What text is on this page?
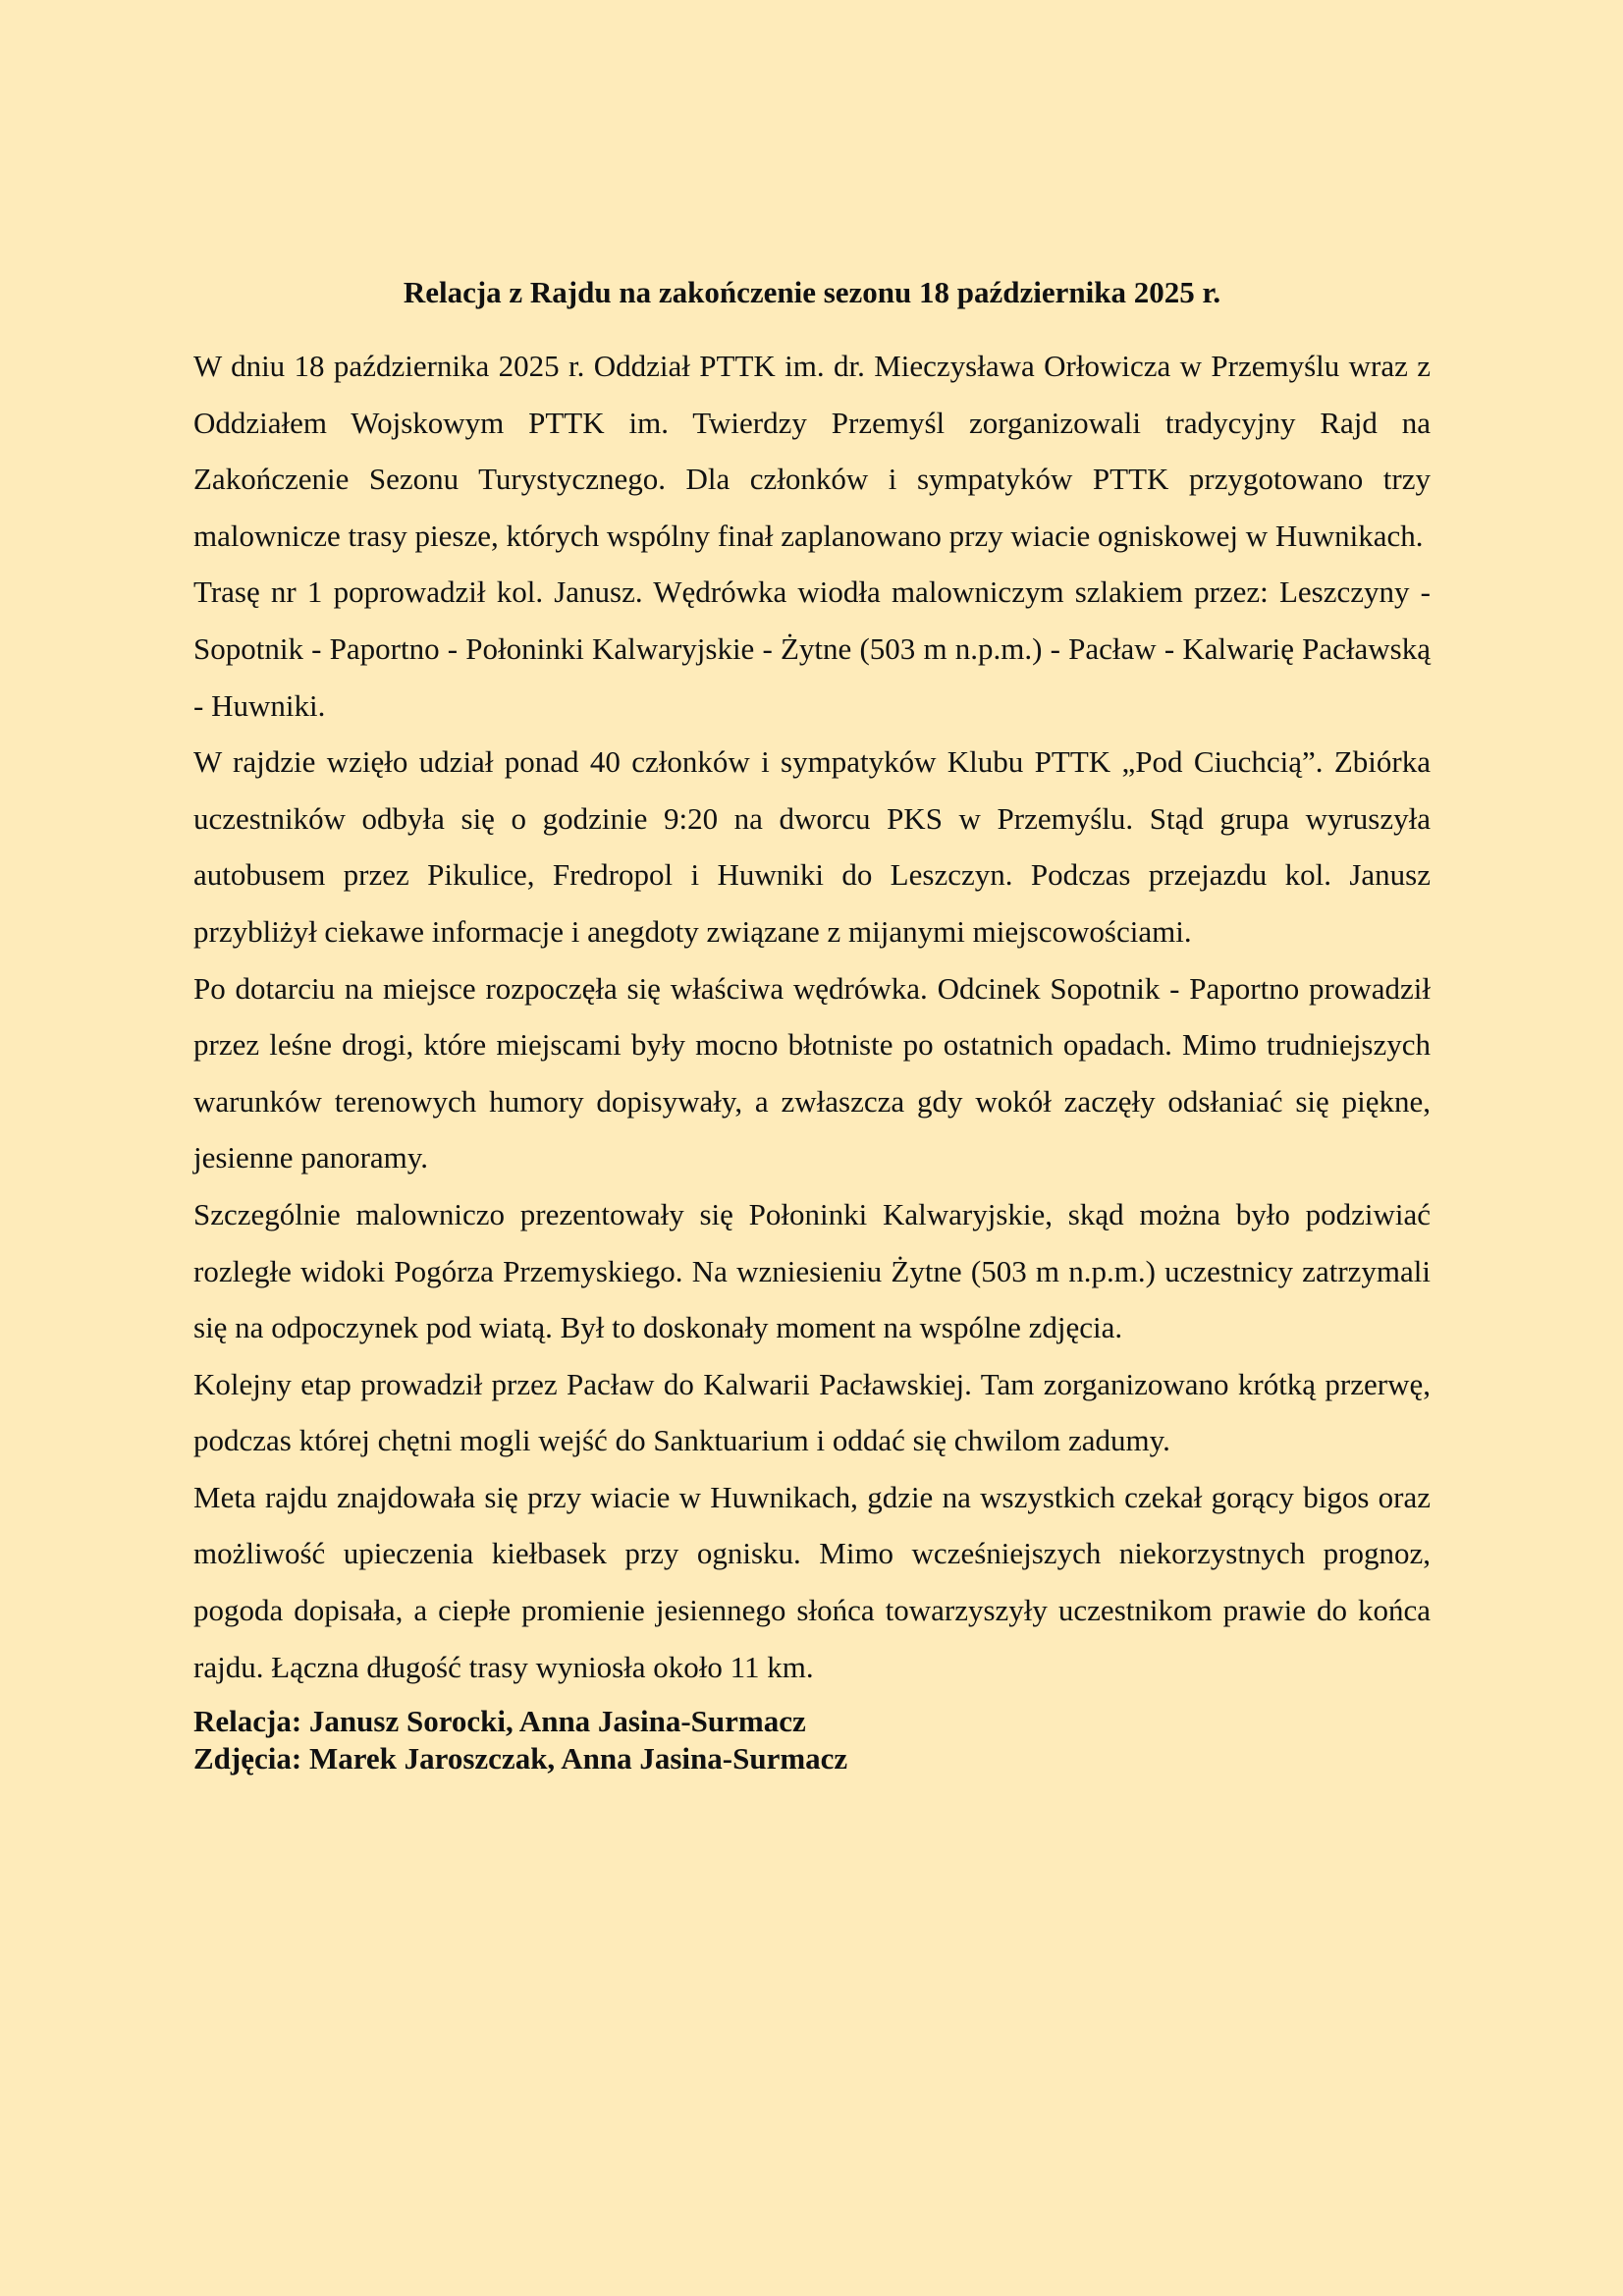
Relacja z Rajdu na zakończenie sezonu 18 października 2025 r.

W dniu 18 października 2025 r. Oddział PTTK im. dr. Mieczysława Orłowicza w Przemyślu wraz z Oddziałem Wojskowym PTTK im. Twierdzy Przemyśl zorganizowali tradycyjny Rajd na Zakończenie Sezonu Turystycznego. Dla członków i sympatyków PTTK przygotowano trzy malownicze trasy piesze, których wspólny finał zaplanowano przy wiacie ogniskowej w Huwnikach.

Trasę nr 1 poprowadził kol. Janusz. Wędrówka wiodła malowniczym szlakiem przez: Leszczyny -Sopotnik - Paportno - Połoninki Kalwaryjskie - Żytne (503 m n.p.m.) - Pacław - Kalwarię Pacławską - Huwniki.

W rajdzie wzięło udział ponad 40 członków i sympatyków Klubu PTTK „Pod Ciuchcią”. Zbiórka uczestników odbyła się o godzinie 9:20 na dworcu PKS w Przemyślu. Stąd grupa wyruszyła autobusem przez Pikulice, Fredropol i Huwniki do Leszczyn. Podczas przejazdu kol. Janusz przybliżył ciekawe informacje i anegdoty związane z mijanymi miejscowościami.

Po dotarciu na miejsce rozpoczęła się właściwa wędrówka. Odcinek Sopotnik - Paportno prowadził przez leśne drogi, które miejscami były mocno błotniste po ostatnich opadach. Mimo trudniejszych warunków terenowych humory dopisywały, a zwłaszcza gdy wokół zaczęły odsłaniać się piękne, jesienne panoramy.

Szczególnie malowniczo prezentowały się Połoninki Kalwaryjskie, skąd można było podziwiać rozległe widoki Pogórza Przemyskiego. Na wzniesieniu Żytne (503 m n.p.m.) uczestnicy zatrzymali się na odpoczynek pod wiatą. Był to doskonały moment na wspólne zdjęcia.

Kolejny etap prowadził przez Pacław do Kalwarii Pacławskiej. Tam zorganizowano krótką przerwę, podczas której chętni mogli wejść do Sanktuarium i oddać się chwilom zadumy.

Meta rajdu znajdowała się przy wiacie w Huwnikach, gdzie na wszystkich czekał gorący bigos oraz możliwość upieczenia kiełbasek przy ognisku. Mimo wcześniejszych niekorzystnych prognoz, pogoda dopisała, a ciepłe promienie jesiennego słońca towarzyszyły uczestnikom prawie do końca rajdu. Łączna długość trasy wyniosła około 11 km.

Relacja: Janusz Sorocki, Anna Jasina-Surmacz
Zdjęcia: Marek Jaroszczak, Anna Jasina-Surmacz
